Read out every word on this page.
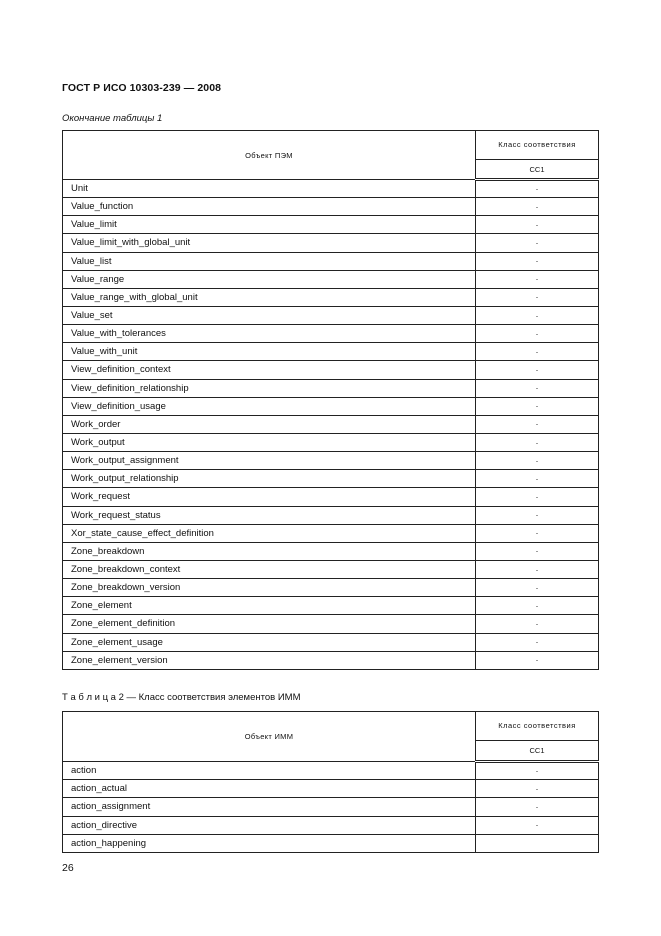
ГОСТ Р ИСО 10303-239 — 2008
Окончание таблицы 1
Объект ПЭМ	Класс соответствия
	CC1
Unit	·
Value_function	·
Value_limit	·
Value_limit_with_global_unit	·
Value_list	·
Value_range	·
Value_range_with_global_unit	·
Value_set	·
Value_with_tolerances	·
Value_with_unit	·
View_definition_context	·
View_definition_relationship	·
View_definition_usage	·
Work_order	·
Work_output	·
Work_output_assignment	·
Work_output_relationship	·
Work_request	·
Work_request_status	·
Xor_state_cause_effect_definition	·
Zone_breakdown	·
Zone_breakdown_context	·
Zone_breakdown_version	·
Zone_element	·
Zone_element_definition	·
Zone_element_usage	·
Zone_element_version	·
Т а б л и ц а 2 — Класс соответствия элементов ИММ
Объект ИММ	Класс соответствия
	CC1
action	·
action_actual	·
action_assignment	·
action_directive	·
action_happening	
26
